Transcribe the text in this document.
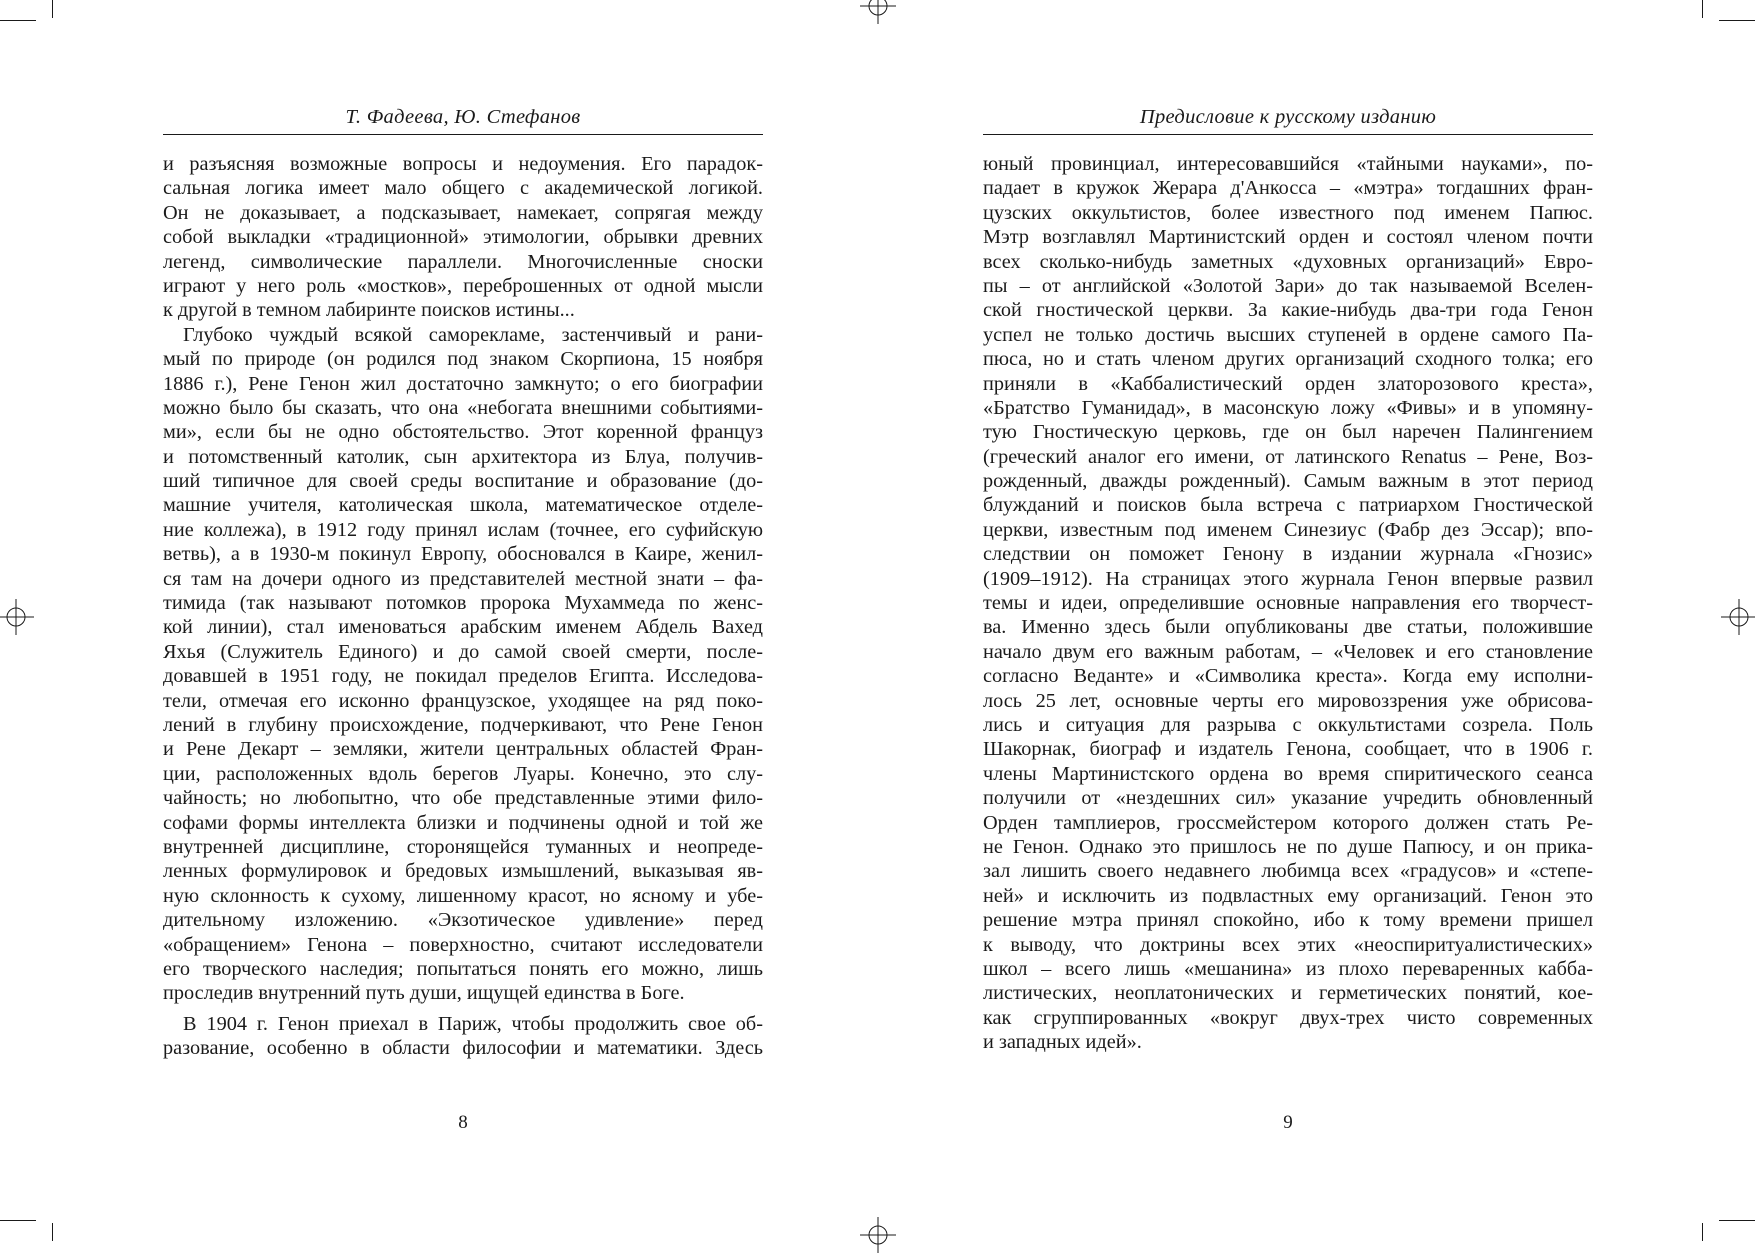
Т. Фадеева, Ю. Стефанов
и разъясняя возможные вопросы и недоумения. Его парадок-
сальная логика имеет мало общего с академической логикой.
Он не доказывает, а подсказывает, намекает, сопрягая между
собой выкладки «традиционной» этимологии, обрывки древних
легенд, символические параллели. Многочисленные сноски
играют у него роль «мостков», переброшенных от одной мысли
к другой в темном лабиринте поисков истины...
Глубоко чуждый всякой саморекламе, застенчивый и рани-
мый по природе (он родился под знаком Скорпиона, 15 ноября
1886 г.), Рене Генон жил достаточно замкнуто; о его биографии
можно было бы сказать, что она «небогата внешними событиями-
ми», если бы не одно обстоятельство. Этот коренной француз
и потомственный католик, сын архитектора из Блуа, получив-
ший типичное для своей среды воспитание и образование (до-
машние учителя, католическая школа, математическое отделе-
ние коллежа), в 1912 году принял ислам (точнее, его суфийскую
ветвь), а в 1930-м покинул Европу, обосновался в Каире, женил-
ся там на дочери одного из представителей местной знати – фа-
тимида (так называют потомков пророка Мухаммеда по женс-
кой линии), стал именоваться арабским именем Абдель Вахед
Яхья (Служитель Единого) и до самой своей смерти, после-
довавшей в 1951 году, не покидал пределов Египта. Исследова-
тели, отмечая его исконно французское, уходящее на ряд поко-
лений в глубину происхождение, подчеркивают, что Рене Генон
и Рене Декарт – земляки, жители центральных областей Фран-
ции, расположенных вдоль берегов Луары. Конечно, это слу-
чайность; но любопытно, что обе представленные этими фило-
софами формы интеллекта близки и подчинены одной и той же
внутренней дисциплине, сторонящейся туманных и неопреде-
ленных формулировок и бредовых измышлений, выказывая яв-
ную склонность к сухому, лишенному красот, но ясному и убе-
дительному изложению. «Экзотическое удивление» перед
«обращением» Генона – поверхностно, считают исследователи
его творческого наследия; попытаться понять его можно, лишь
проследив внутренний путь души, ищущей единства в Боге.
В 1904 г. Генон приехал в Париж, чтобы продолжить свое об-
разование, особенно в области философии и математики. Здесь
8
Предисловие к русскому изданию
юный провинциал, интересовавшийся «тайными науками», по-
падает в кружок Жерара д'Анкосса – «мэтра» тогдашних фран-
цузских оккультистов, более известного под именем Папюс.
Мэтр возглавлял Мартинистский орден и состоял членом почти
всех сколько-нибудь заметных «духовных организаций» Евро-
пы – от английской «Золотой Зари» до так называемой Вселен-
ской гностической церкви. За какие-нибудь два-три года Генон
успел не только достичь высших ступеней в ордене самого Па-
пюса, но и стать членом других организаций сходного толка; его
приняли в «Каббалистический орден златорозового креста»,
«Братство Гуманидад», в масонскую ложу «Фивы» и в упомяну-
тую Гностическую церковь, где он был наречен Палингением
(греческий аналог его имени, от латинского Renatus – Рене, Воз-
рожденный, дважды рожденный). Самым важным в этот период
блужданий и поисков была встреча с патриархом Гностической
церкви, известным под именем Синезиус (Фабр дез Эссар); впо-
следствии он поможет Генону в издании журнала «Гнозис»
(1909–1912). На страницах этого журнала Генон впервые развил
темы и идеи, определившие основные направления его творчест-
ва. Именно здесь были опубликованы две статьи, положившие
начало двум его важным работам, – «Человек и его становление
согласно Веданте» и «Символика креста». Когда ему исполни-
лось 25 лет, основные черты его мировоззрения уже обрисова-
лись и ситуация для разрыва с оккультистами созрела. Поль
Шакорнак, биограф и издатель Генона, сообщает, что в 1906 г.
члены Мартинистского ордена во время спиритического сеанса
получили от «нездешних сил» указание учредить обновленный
Орден тамплиеров, гроссмейстером которого должен стать Ре-
не Генон. Однако это пришлось не по душе Папюсу, и он прика-
зал лишить своего недавнего любимца всех «градусов» и «степе-
ней» и исключить из подвластных ему организаций. Генон это
решение мэтра принял спокойно, ибо к тому времени пришел
к выводу, что доктрины всех этих «неоспиритуалистических»
школ – всего лишь «мешанина» из плохо переваренных кабба-
листических, неоплатонических и герметических понятий, кое-
как сгруппированных «вокруг двух-трех чисто современных
и западных идей».
9
